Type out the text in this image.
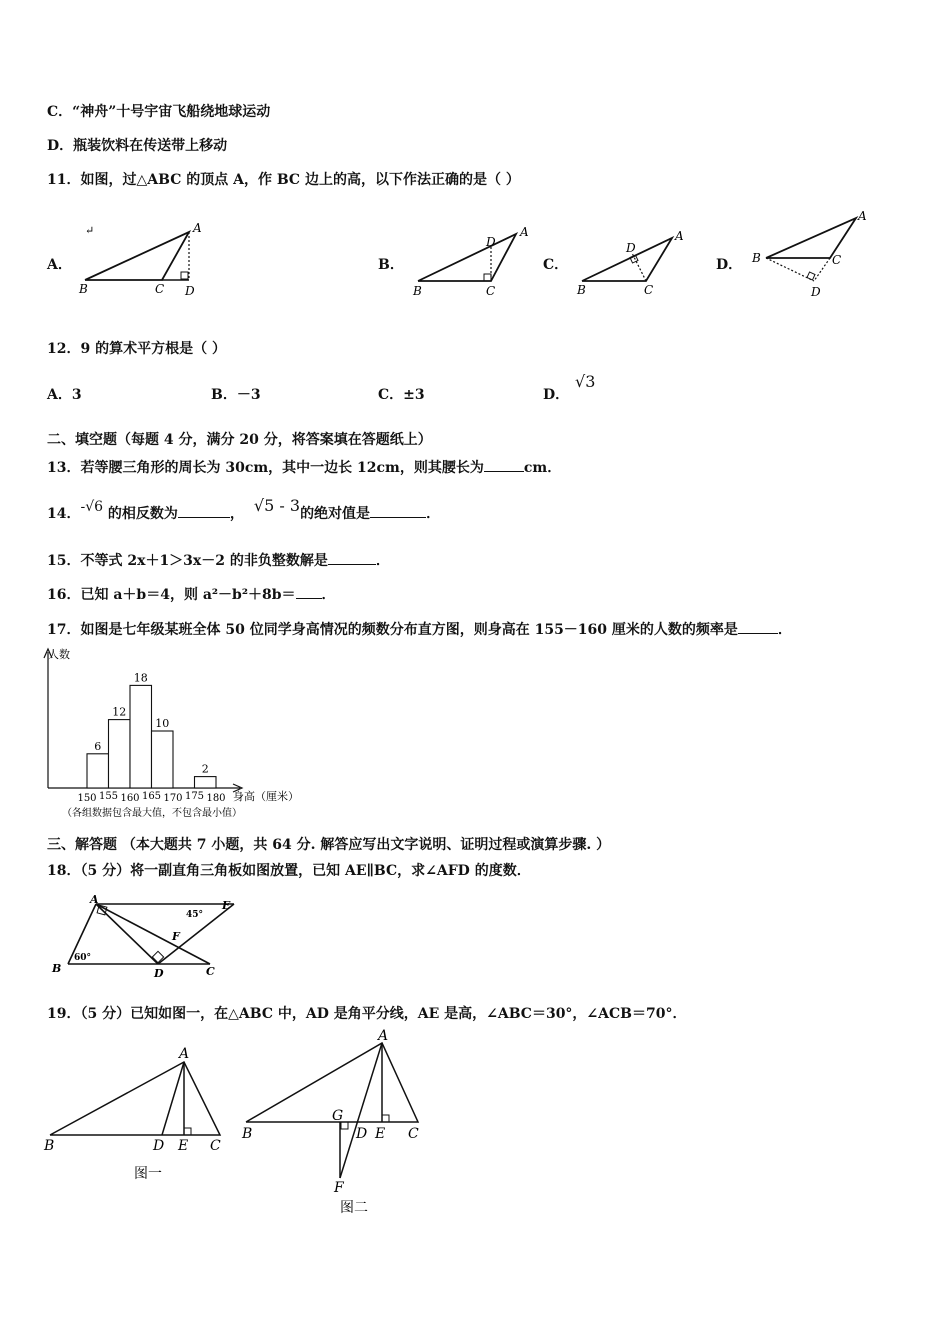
C．“神舟”十号宇宙飞船绕地球运动
D．瓶装饮料在传送带上移动
11．如图，过△ABC 的顶点 A，作 BC 边上的高，以下作法正确的是（ ）
A．	B．	C．	D．
↵	A
B	C D
A
D
B	C
A
D
B	C
A
B	C
D
12．9 的算术平方根是（ ）
A．3	B．－3	C．±3	D．
√3
二、填空题（每题 4 分，满分 20 分，将答案填在答题纸上）
13．若等腰三角形的周长为 30cm，其中一边长 12cm，则其腰长为	cm．
14．-√6 的相反数为	， √5 - 3的绝对值是	．
15．不等式 2x＋1＞3x－2 的非负整数解是	．
16．已知 a＋b＝4，则 a²－b²＋8b＝ ．
17．如图是七年级某班全体 50 位同学身高情况的频数分布直方图，则身高在 155－160 厘米的人数的频率是	．
人数
身高（厘米）
（各组数据包含最大值，不包含最小值）
6
12
18
10
2
150 155 160 165 170 175 180
三、解答题 （本大题共 7 小题，共 64 分. 解答应写出文字说明、证明过程或演算步骤. ）
18．（5 分）将一副直角三角板如图放置，已知 AE∥BC，求∠AFD 的度数．
A	E
45°
60°
F
B	D	C
19．（5 分）已知如图一，在△ABC 中，AD 是角平分线，AE 是高，∠ABC＝30°，∠ACB＝70°．
A
B	D E C
图一
A
G
B	D E C
F
图二
